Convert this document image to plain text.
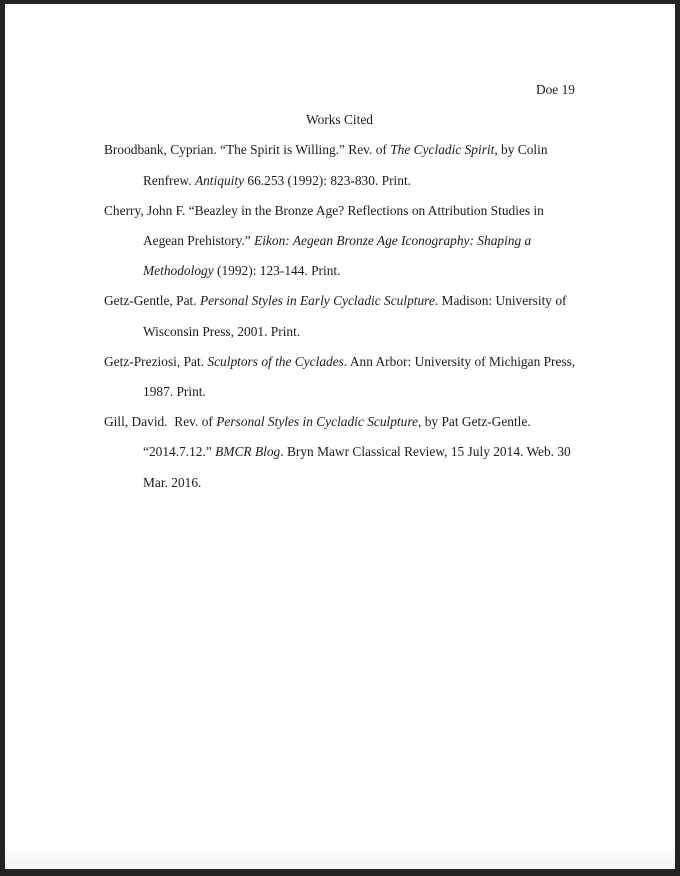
Doe 19
Works Cited
Broodbank, Cyprian. “The Spirit is Willing.” Rev. of The Cycladic Spirit, by Colin
Renfrew. Antiquity 66.253 (1992): 823-830. Print.
Cherry, John F. “Beazley in the Bronze Age? Reflections on Attribution Studies in
Aegean Prehistory.” Eikon: Aegean Bronze Age Iconography: Shaping a
Methodology (1992): 123-144. Print.
Getz-Gentle, Pat. Personal Styles in Early Cycladic Sculpture. Madison: University of
Wisconsin Press, 2001. Print.
Getz-Preziosi, Pat. Sculptors of the Cyclades. Ann Arbor: University of Michigan Press,
1987. Print.
Gill, David.  Rev. of Personal Styles in Cycladic Sculpture, by Pat Getz-Gentle.
“2014.7.12.” BMCR Blog. Bryn Mawr Classical Review, 15 July 2014. Web. 30
Mar. 2016.
